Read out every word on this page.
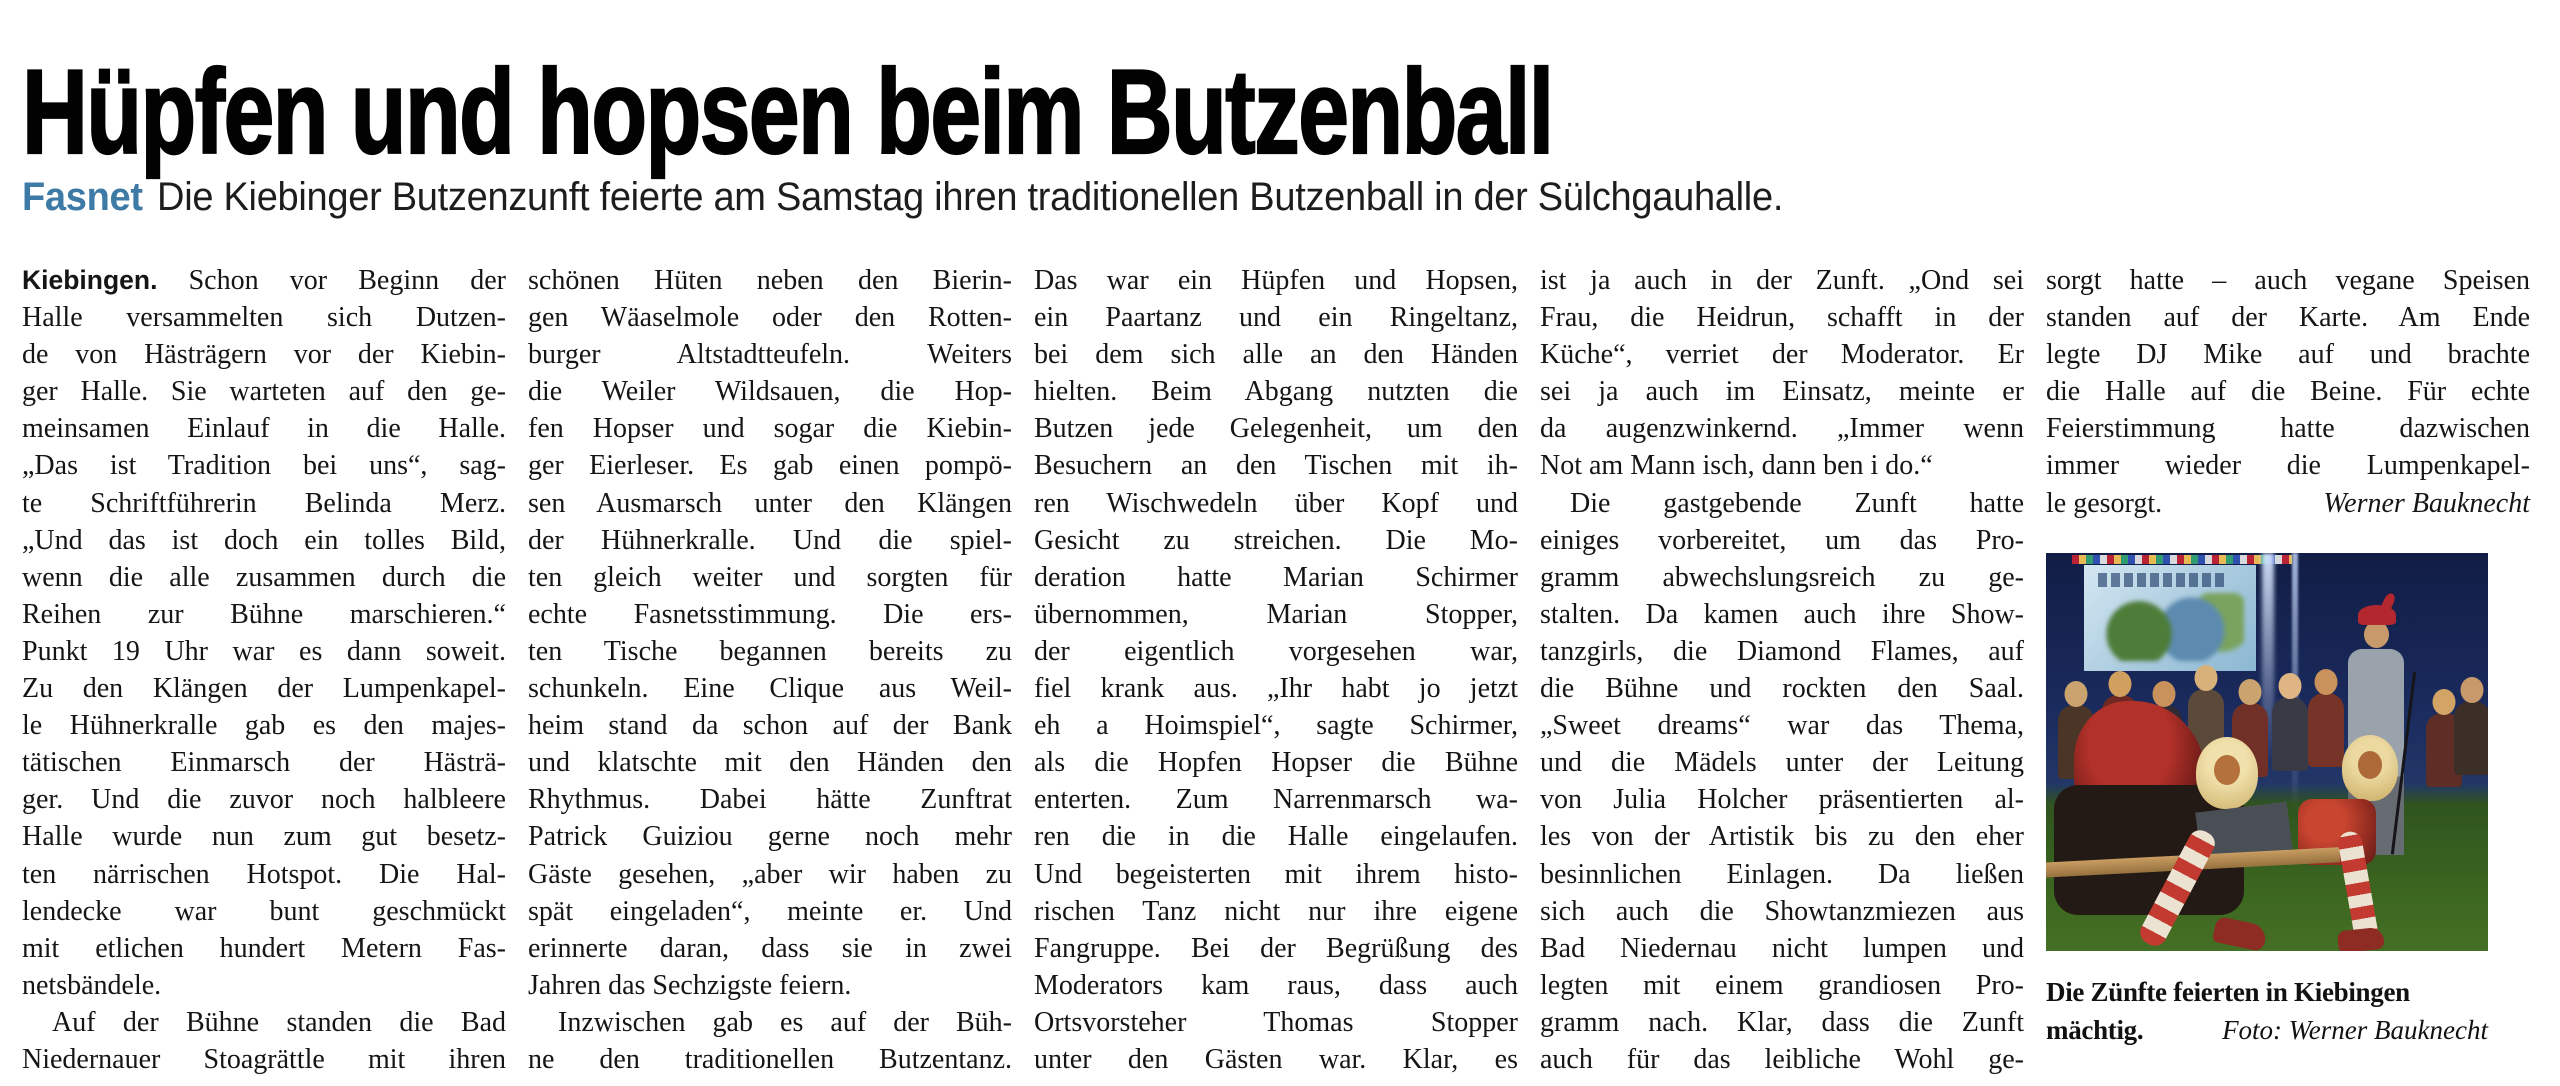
Hüpfen und hopsen beim Butzenball
Fasnet Die Kiebinger Butzenzunft feierte am Samstag ihren traditionellen Butzenball in der Sülchgauhalle.
Kiebingen. Schon vor Beginn der
Halle versammelten sich Dutzen-
de von Hästrägern vor der Kiebin-
ger Halle. Sie warteten auf den ge-
meinsamen Einlauf in die Halle.
„Das ist Tradition bei uns“, sag-
te Schriftführerin Belinda Merz.
„Und das ist doch ein tolles Bild,
wenn die alle zusammen durch die
Reihen zur Bühne marschieren.“
Punkt 19 Uhr war es dann soweit.
Zu den Klängen der Lumpenkapel-
le Hühnerkralle gab es den majes-
tätischen Einmarsch der Hästrä-
ger. Und die zuvor noch halbleere
Halle wurde nun zum gut besetz-
ten närrischen Hotspot. Die Hal-
lendecke war bunt geschmückt
mit etlichen hundert Metern Fas-
netsbändele.
Auf der Bühne standen die Bad
Niedernauer Stoagrättle mit ihren
schönen Hüten neben den Bierin-
gen Wäaselmole oder den Rotten-
burger Altstadtteufeln. Weiters
die Weiler Wildsauen, die Hop-
fen Hopser und sogar die Kiebin-
ger Eierleser. Es gab einen pompö-
sen Ausmarsch unter den Klängen
der Hühnerkralle. Und die spiel-
ten gleich weiter und sorgten für
echte Fasnetsstimmung. Die ers-
ten Tische begannen bereits zu
schunkeln. Eine Clique aus Weil-
heim stand da schon auf der Bank
und klatschte mit den Händen den
Rhythmus. Dabei hätte Zunftrat
Patrick Guiziou gerne noch mehr
Gäste gesehen, „aber wir haben zu
spät eingeladen“, meinte er. Und
erinnerte daran, dass sie in zwei
Jahren das Sechzigste feiern.
Inzwischen gab es auf der Büh-
ne den traditionellen Butzentanz.
Das war ein Hüpfen und Hopsen,
ein Paartanz und ein Ringeltanz,
bei dem sich alle an den Händen
hielten. Beim Abgang nutzten die
Butzen jede Gelegenheit, um den
Besuchern an den Tischen mit ih-
ren Wischwedeln über Kopf und
Gesicht zu streichen. Die Mo-
deration hatte Marian Schirmer
übernommen, Marian Stopper,
der eigentlich vorgesehen war,
fiel krank aus. „Ihr habt jo jetzt
eh a Hoimspiel“, sagte Schirmer,
als die Hopfen Hopser die Bühne
enterten. Zum Narrenmarsch wa-
ren die in die Halle eingelaufen.
Und begeisterten mit ihrem histo-
rischen Tanz nicht nur ihre eigene
Fangruppe. Bei der Begrüßung des
Moderators kam raus, dass auch
Ortsvorsteher Thomas Stopper
unter den Gästen war. Klar, es
ist ja auch in der Zunft. „Ond sei
Frau, die Heidrun, schafft in der
Küche“, verriet der Moderator. Er
sei ja auch im Einsatz, meinte er
da augenzwinkernd. „Immer wenn
Not am Mann isch, dann ben i do.“
Die gastgebende Zunft hatte
einiges vorbereitet, um das Pro-
gramm abwechslungsreich zu ge-
stalten. Da kamen auch ihre Show-
tanzgirls, die Diamond Flames, auf
die Bühne und rockten den Saal.
„Sweet dreams“ war das Thema,
und die Mädels unter der Leitung
von Julia Holcher präsentierten al-
les von der Artistik bis zu den eher
besinnlichen Einlagen. Da ließen
sich auch die Showtanzmiezen aus
Bad Niedernau nicht lumpen und
legten mit einem grandiosen Pro-
gramm nach. Klar, dass die Zunft
auch für das leibliche Wohl ge-
sorgt hatte – auch vegane Speisen
standen auf der Karte. Am Ende
legte DJ Mike auf und brachte
die Halle auf die Beine. Für echte
Feierstimmung hatte dazwischen
immer wieder die Lumpenkapel-
le gesorgt.	Werner Bauknecht
Die Zünfte feierten in Kiebingen
mächtig.	Foto: Werner Bauknecht
